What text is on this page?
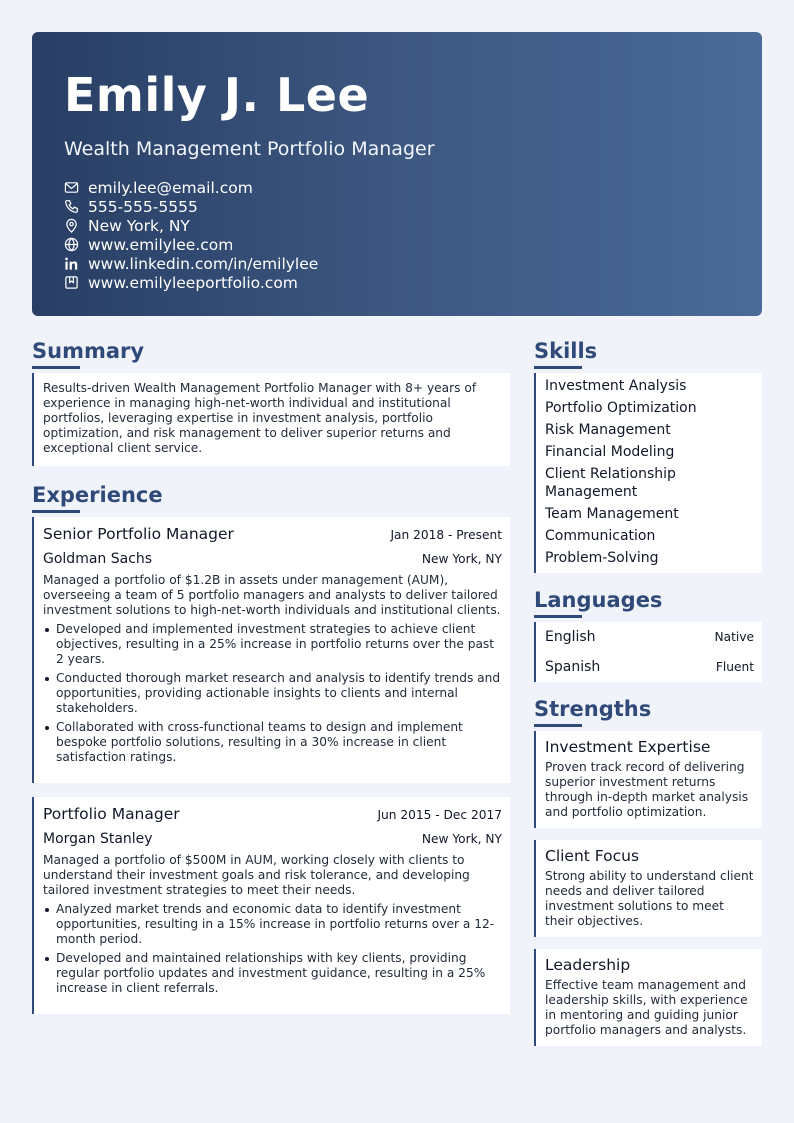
Emily J. Lee
Wealth Management Portfolio Manager
emily.lee@email.com
555-555-5555
New York, NY
www.emilylee.com
www.linkedin.com/in/emilylee
www.emilyleeportfolio.com
Summary

Results-driven Wealth Management Portfolio Manager with 8+ years of experience in managing high-net-worth individual and institutional portfolios, leveraging expertise in investment analysis, portfolio optimization, and risk management to deliver superior returns and exceptional client service.

Experience
Senior Portfolio Manager	Jan 2018 - Present
Goldman Sachs	New York, NY

Managed a portfolio of $1.2B in assets under management (AUM), overseeing a team of 5 portfolio managers and analysts to deliver tailored investment solutions to high-net-worth individuals and institutional clients.

Developed and implemented investment strategies to achieve client objectives, resulting in a 25% increase in portfolio returns over the past 2 years.
Conducted thorough market research and analysis to identify trends and opportunities, providing actionable insights to clients and internal stakeholders.
Collaborated with cross-functional teams to design and implement bespoke portfolio solutions, resulting in a 30% increase in client satisfaction ratings.
Portfolio Manager	Jun 2015 - Dec 2017
Morgan Stanley	New York, NY

Managed a portfolio of $500M in AUM, working closely with clients to understand their investment goals and risk tolerance, and developing tailored investment strategies to meet their needs.

Analyzed market trends and economic data to identify investment opportunities, resulting in a 15% increase in portfolio returns over a 12-month period.
Developed and maintained relationships with key clients, providing regular portfolio updates and investment guidance, resulting in a 25% increase in client referrals.
Skills
Investment Analysis
Portfolio Optimization
Risk Management
Financial Modeling
Client Relationship Management
Team Management
Communication
Problem-Solving
Languages
English	Native
Spanish	Fluent
Strengths
Investment Expertise

Proven track record of delivering superior investment returns through in-depth market analysis and portfolio optimization.

Client Focus

Strong ability to understand client needs and deliver tailored investment solutions to meet their objectives.

Leadership

Effective team management and leadership skills, with experience in mentoring and guiding junior portfolio managers and analysts.
